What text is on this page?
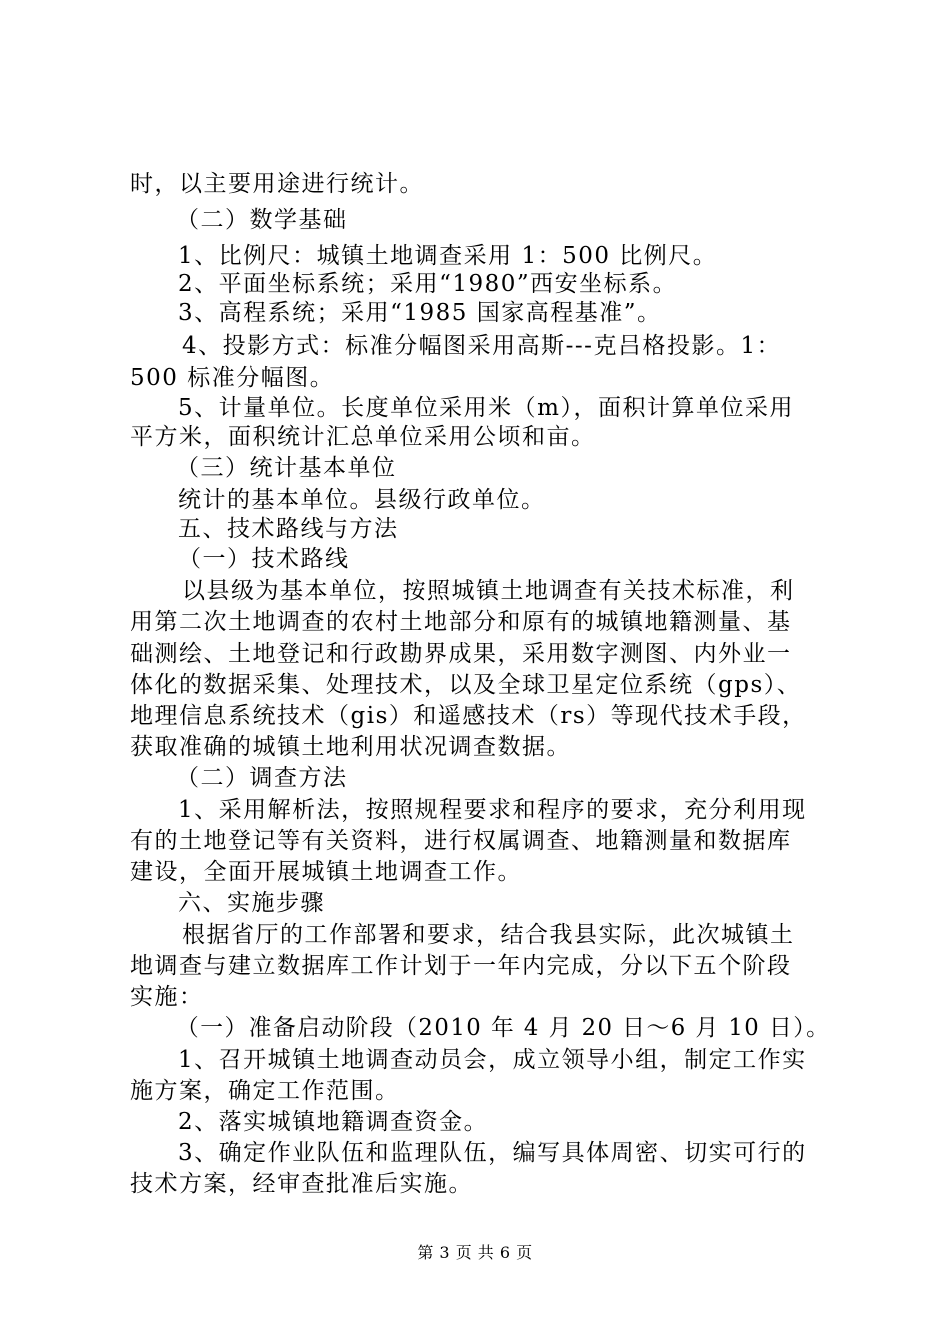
时，以主要用途进行统计。
（二）数学基础
1、比例尺：城镇土地调查采用 1：500 比例尺。
2、平面坐标系统；采用“1980”西安坐标系。
3、高程系统；采用“1985 国家高程基准”。
4、投影方式：标准分幅图采用高斯---克吕格投影。1：
500 标准分幅图。
5、计量单位。长度单位采用米（m），面积计算单位采用
平方米，面积统计汇总单位采用公顷和亩。
（三）统计基本单位
统计的基本单位。县级行政单位。
五、技术路线与方法
（一）技术路线
以县级为基本单位，按照城镇土地调查有关技术标准，利
用第二次土地调查的农村土地部分和原有的城镇地籍测量、基
础测绘、土地登记和行政勘界成果，采用数字测图、内外业一
体化的数据采集、处理技术，以及全球卫星定位系统（gps）、
地理信息系统技术（gis）和遥感技术（rs）等现代技术手段，
获取准确的城镇土地利用状况调查数据。
（二）调查方法
1、采用解析法，按照规程要求和程序的要求，充分利用现
有的土地登记等有关资料，进行权属调查、地籍测量和数据库
建设，全面开展城镇土地调查工作。
六、实施步骤
根据省厅的工作部署和要求，结合我县实际，此次城镇土
地调查与建立数据库工作计划于一年内完成，分以下五个阶段
实施：
（一）准备启动阶段（2010 年 4 月 20 日～6 月 10 日）。
1、召开城镇土地调查动员会，成立领导小组，制定工作实
施方案，确定工作范围。
2、落实城镇地籍调查资金。
3、确定作业队伍和监理队伍，编写具体周密、切实可行的
技术方案，经审查批准后实施。
第 3 页 共 6 页
